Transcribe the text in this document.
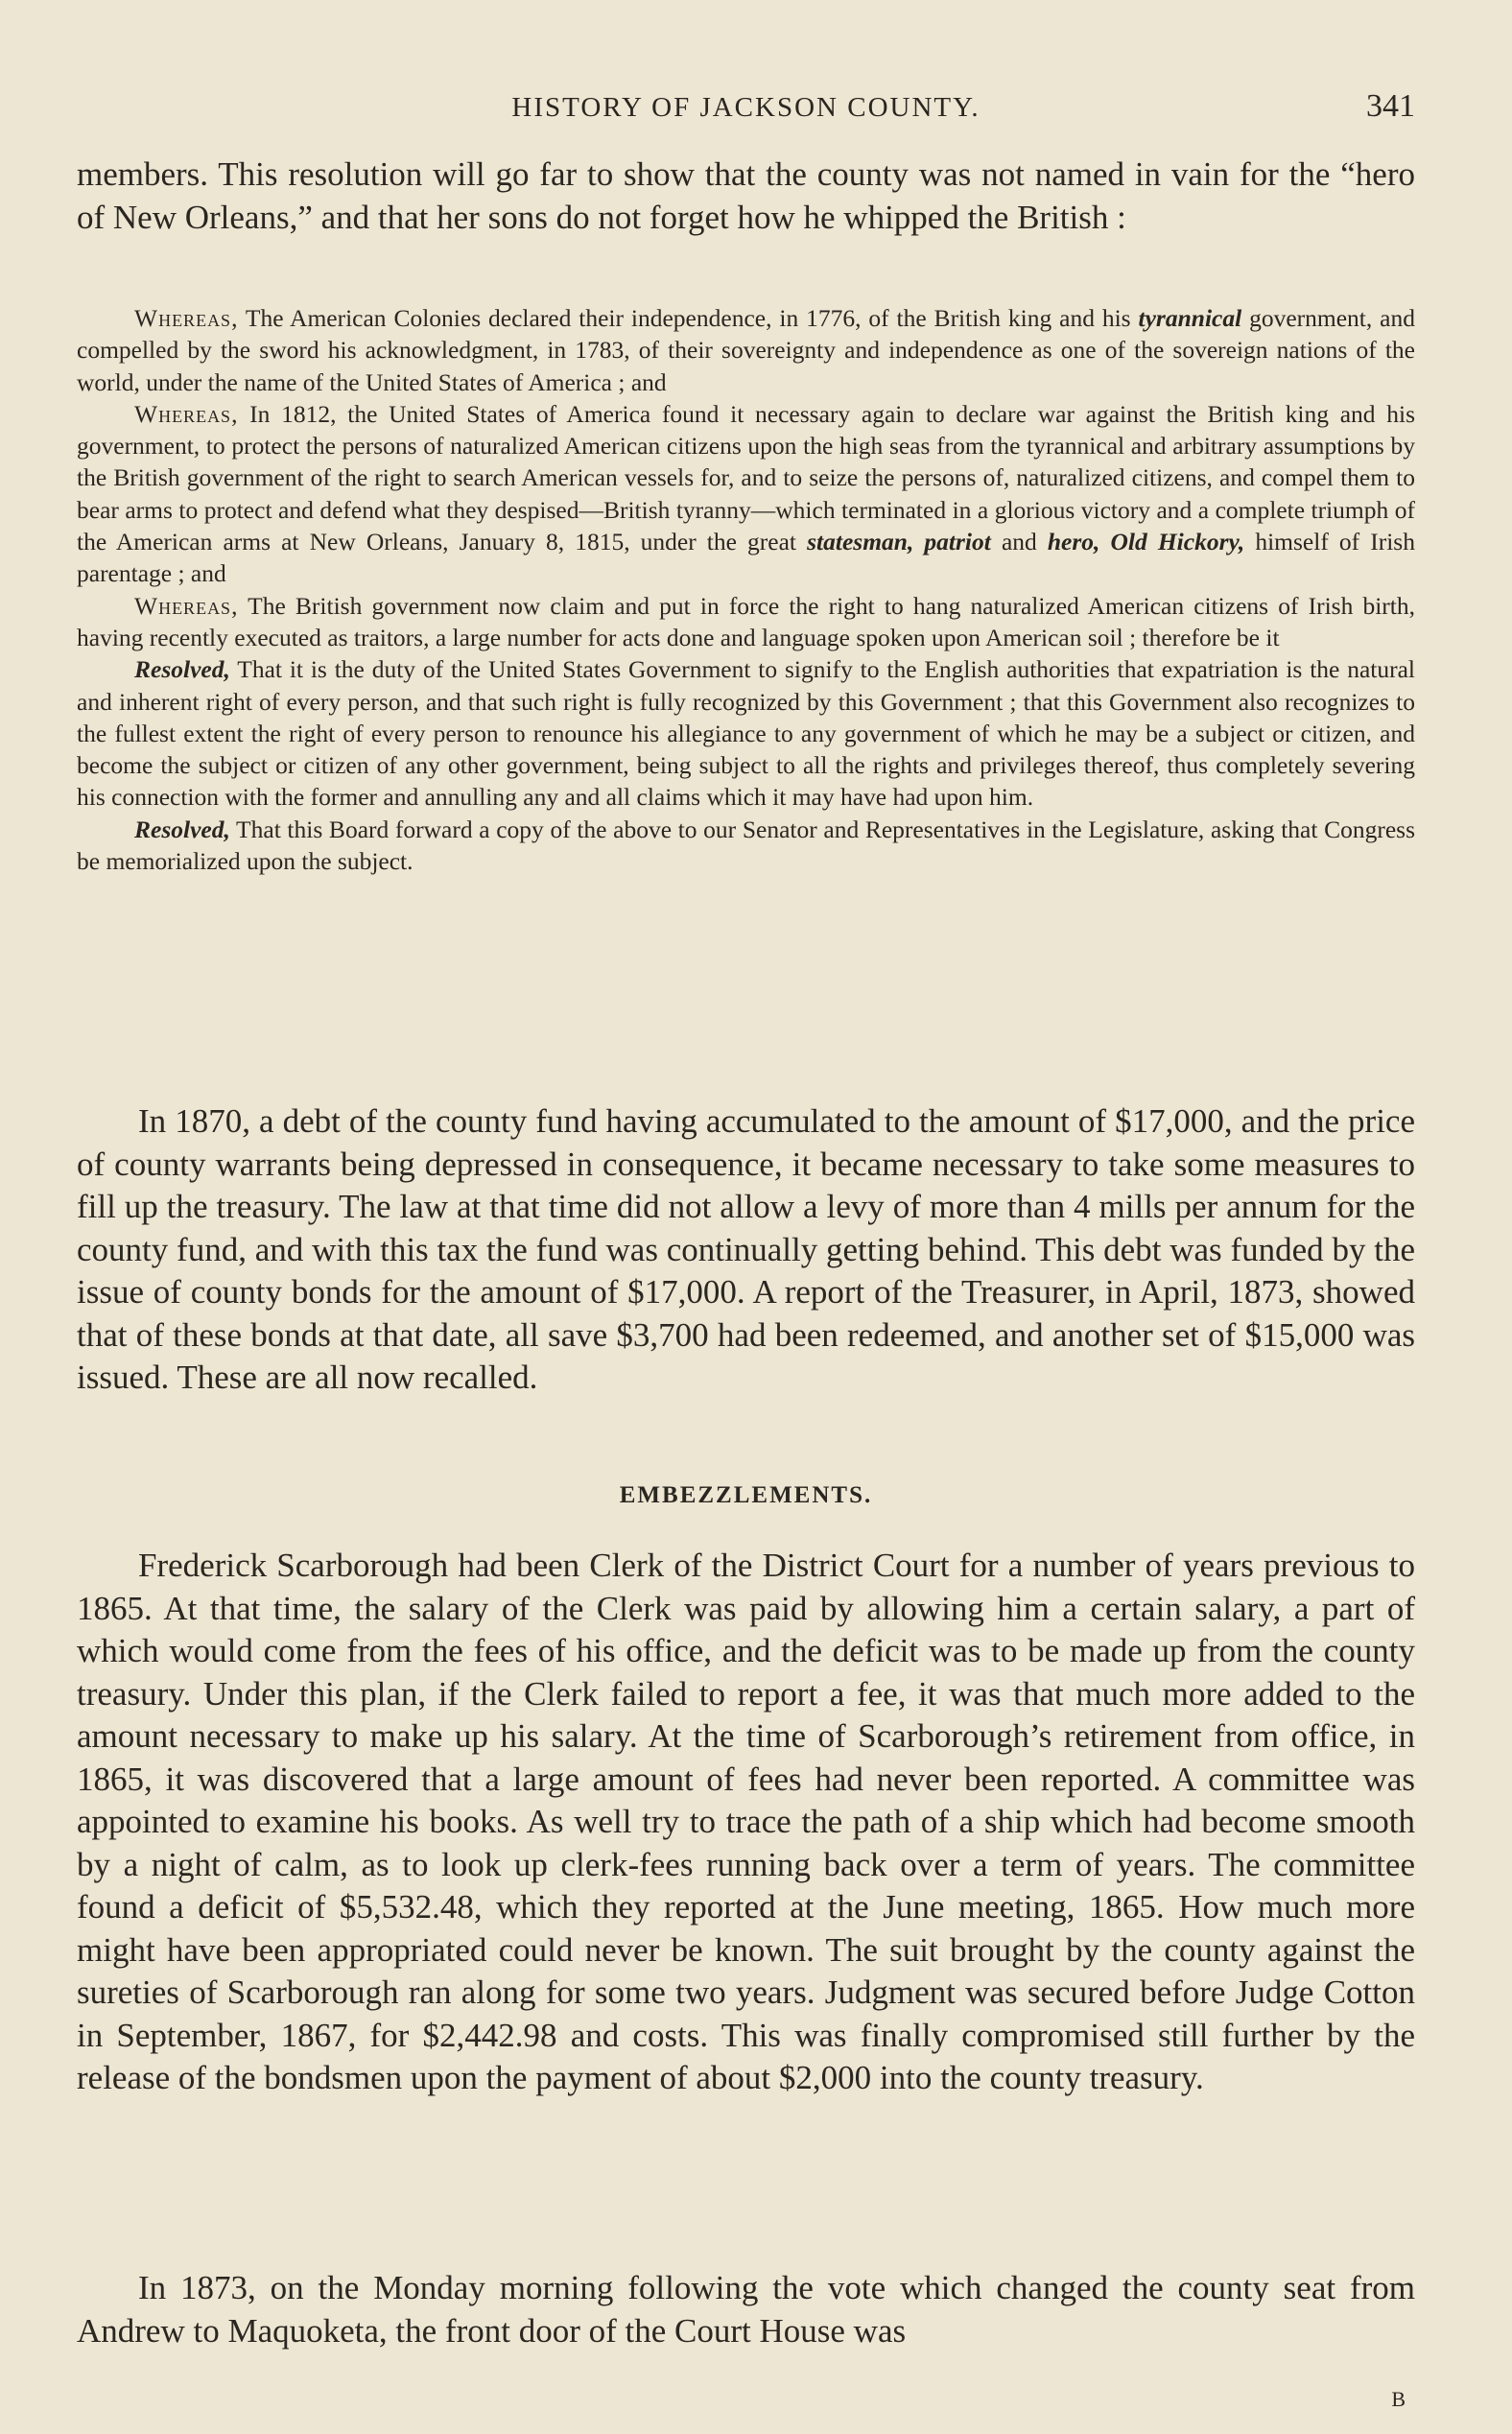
HISTORY OF JACKSON COUNTY.	341

members. This resolution will go far to show that the county was not named in vain for the “hero of New Orleans,” and that her sons do not forget how he whipped the British :

Whereas, The American Colonies declared their independence, in 1776, of the British king and his tyrannical government, and compelled by the sword his acknowledgment, in 1783, of their sovereignty and independence as one of the sovereign nations of the world, under the name of the United States of America ; and

Whereas, In 1812, the United States of America found it necessary again to declare war against the British king and his government, to protect the persons of naturalized American citizens upon the high seas from the tyrannical and arbitrary assumptions by the British government of the right to search American vessels for, and to seize the persons of, naturalized citizens, and compel them to bear arms to protect and defend what they despised—British tyranny—which terminated in a glorious victory and a complete triumph of the American arms at New Orleans, January 8, 1815, under the great statesman, patriot and hero, Old Hickory, himself of Irish parentage ; and

Whereas, The British government now claim and put in force the right to hang naturalized American citizens of Irish birth, having recently executed as traitors, a large number for acts done and language spoken upon American soil ; therefore be it

Resolved, That it is the duty of the United States Government to signify to the English authorities that expatriation is the natural and inherent right of every person, and that such right is fully recognized by this Government ; that this Government also recognizes to the fullest extent the right of every person to renounce his allegiance to any government of which he may be a subject or citizen, and become the subject or citizen of any other government, being subject to all the rights and privileges thereof, thus completely severing his connection with the former and annulling any and all claims which it may have had upon him.

Resolved, That this Board forward a copy of the above to our Senator and Representatives in the Legislature, asking that Congress be memorialized upon the subject.

In 1870, a debt of the county fund having accumulated to the amount of $17,000, and the price of county warrants being depressed in consequence, it became necessary to take some measures to fill up the treasury. The law at that time did not allow a levy of more than 4 mills per annum for the county fund, and with this tax the fund was continually getting behind. This debt was funded by the issue of county bonds for the amount of $17,000. A report of the Treasurer, in April, 1873, showed that of these bonds at that date, all save $3,700 had been redeemed, and another set of $15,000 was issued. These are all now recalled.

EMBEZZLEMENTS.

Frederick Scarborough had been Clerk of the District Court for a number of years previous to 1865. At that time, the salary of the Clerk was paid by allowing him a certain salary, a part of which would come from the fees of his office, and the deficit was to be made up from the county treasury. Under this plan, if the Clerk failed to report a fee, it was that much more added to the amount necessary to make up his salary. At the time of Scarborough’s retirement from office, in 1865, it was discovered that a large amount of fees had never been reported. A committee was appointed to examine his books. As well try to trace the path of a ship which had become smooth by a night of calm, as to look up clerk-fees running back over a term of years. The committee found a deficit of $5,532.48, which they reported at the June meeting, 1865. How much more might have been appropriated could never be known. The suit brought by the county against the sureties of Scarborough ran along for some two years. Judgment was secured before Judge Cotton in September, 1867, for $2,442.98 and costs. This was finally compromised still further by the release of the bondsmen upon the payment of about $2,000 into the county treasury.

In 1873, on the Monday morning following the vote which changed the county seat from Andrew to Maquoketa, the front door of the Court House was

B
